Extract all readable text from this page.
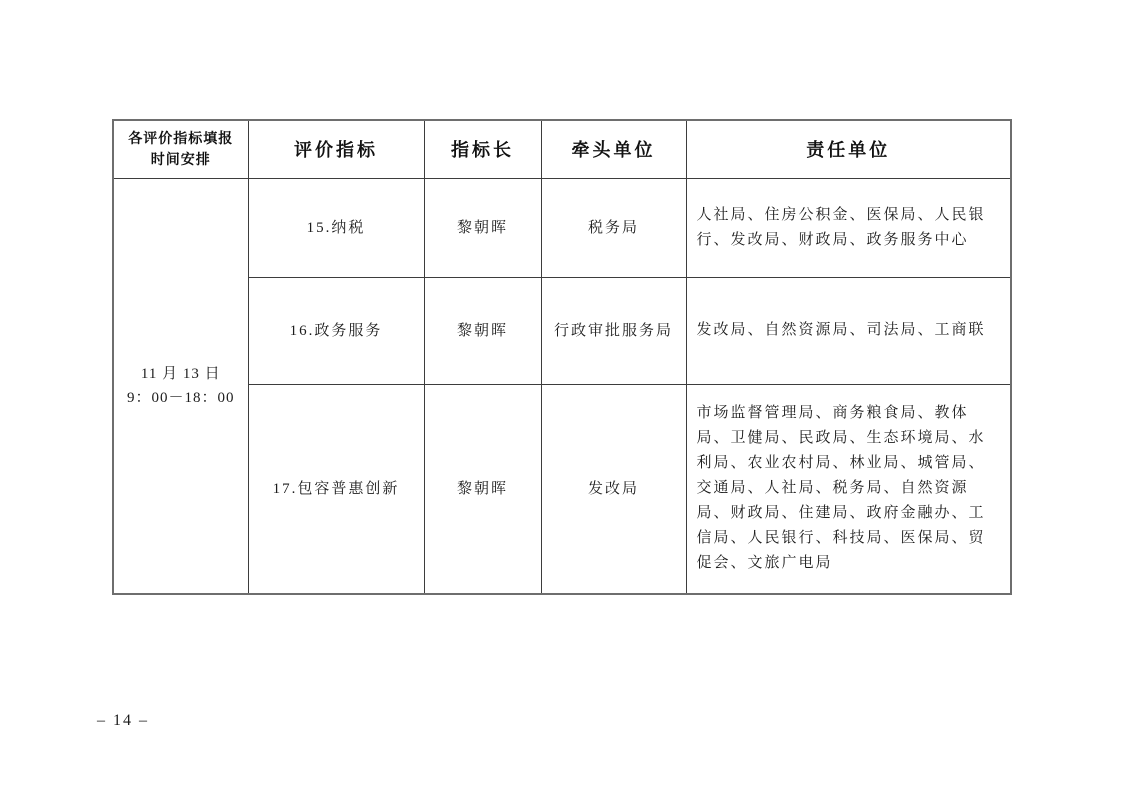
各评价指标填报
时间安排	评价指标	指标长	牵头单位	责任单位

11 月 13 日
9：00－18：00	15.纳税	黎朝晖	税务局	人社局、住房公积金、医保局、人民银行、发改局、财政局、政务服务中心
	16.政务服务	黎朝晖	行政审批服务局	发改局、自然资源局、司法局、工商联
	17.包容普惠创新	黎朝晖	发改局	市场监督管理局、商务粮食局、教体局、卫健局、民政局、生态环境局、水利局、农业农村局、林业局、城管局、交通局、人社局、税务局、自然资源局、财政局、住建局、政府金融办、工信局、人民银行、科技局、医保局、贸促会、文旅广电局
– 14 –
